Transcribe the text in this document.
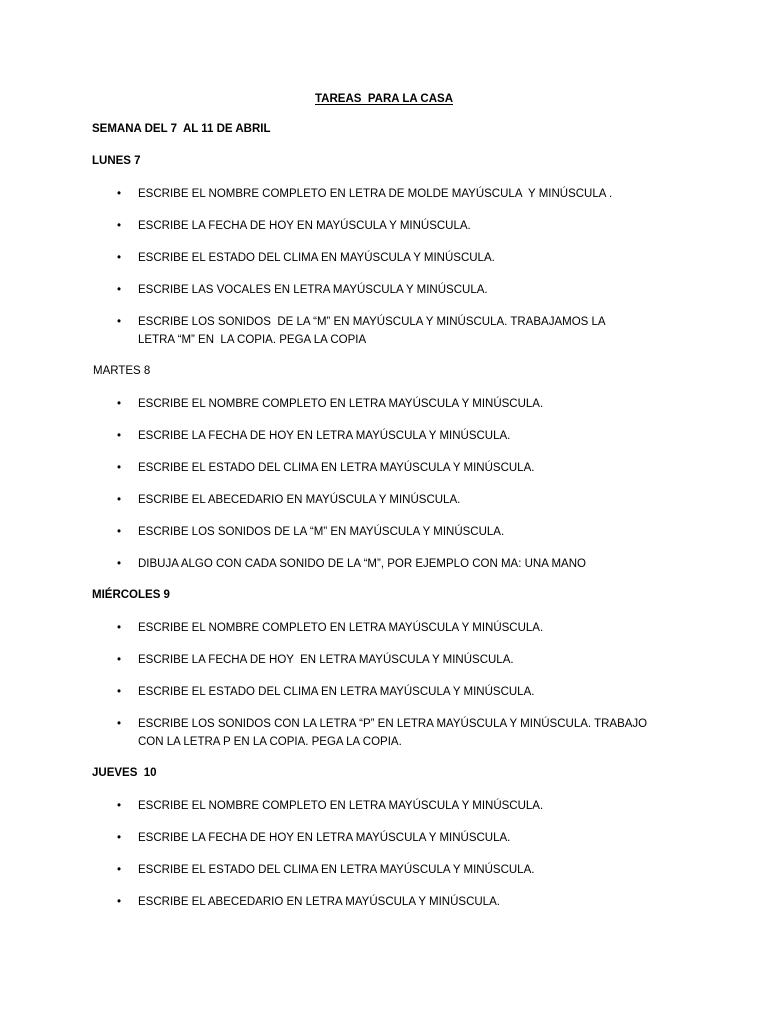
TAREAS  PARA LA CASA
SEMANA DEL 7  AL 11 DE ABRIL
LUNES 7
•
ESCRIBE EL NOMBRE COMPLETO EN LETRA DE MOLDE MAYÚSCULA  Y MINÚSCULA .
•
ESCRIBE LA FECHA DE HOY EN MAYÚSCULA Y MINÚSCULA.
•
ESCRIBE EL ESTADO DEL CLIMA EN MAYÚSCULA Y MINÚSCULA.
•
ESCRIBE LAS VOCALES EN LETRA MAYÚSCULA Y MINÚSCULA.
•
ESCRIBE LOS SONIDOS  DE LA “M” EN MAYÚSCULA Y MINÚSCULA. TRABAJAMOS LA
LETRA “M” EN  LA COPIA. PEGA LA COPIA
MARTES 8
•
ESCRIBE EL NOMBRE COMPLETO EN LETRA MAYÚSCULA Y MINÚSCULA.
•
ESCRIBE LA FECHA DE HOY EN LETRA MAYÚSCULA Y MINÚSCULA.
•
ESCRIBE EL ESTADO DEL CLIMA EN LETRA MAYÚSCULA Y MINÚSCULA.
•
ESCRIBE EL ABECEDARIO EN MAYÚSCULA Y MINÚSCULA.
•
ESCRIBE LOS SONIDOS DE LA “M” EN MAYÚSCULA Y MINÚSCULA.
•
DIBUJA ALGO CON CADA SONIDO DE LA “M”, POR EJEMPLO CON MA: UNA MANO
MIÉRCOLES 9
•
ESCRIBE EL NOMBRE COMPLETO EN LETRA MAYÚSCULA Y MINÚSCULA.
•
ESCRIBE LA FECHA DE HOY  EN LETRA MAYÚSCULA Y MINÚSCULA.
•
ESCRIBE EL ESTADO DEL CLIMA EN LETRA MAYÚSCULA Y MINÚSCULA.
•
ESCRIBE LOS SONIDOS CON LA LETRA “P” EN LETRA MAYÚSCULA Y MINÚSCULA. TRABAJO
CON LA LETRA P EN LA COPIA. PEGA LA COPIA.
JUEVES  10
•
ESCRIBE EL NOMBRE COMPLETO EN LETRA MAYÚSCULA Y MINÚSCULA.
•
ESCRIBE LA FECHA DE HOY EN LETRA MAYÚSCULA Y MINÚSCULA.
•
ESCRIBE EL ESTADO DEL CLIMA EN LETRA MAYÚSCULA Y MINÚSCULA.
•
ESCRIBE EL ABECEDARIO EN LETRA MAYÚSCULA Y MINÚSCULA.
